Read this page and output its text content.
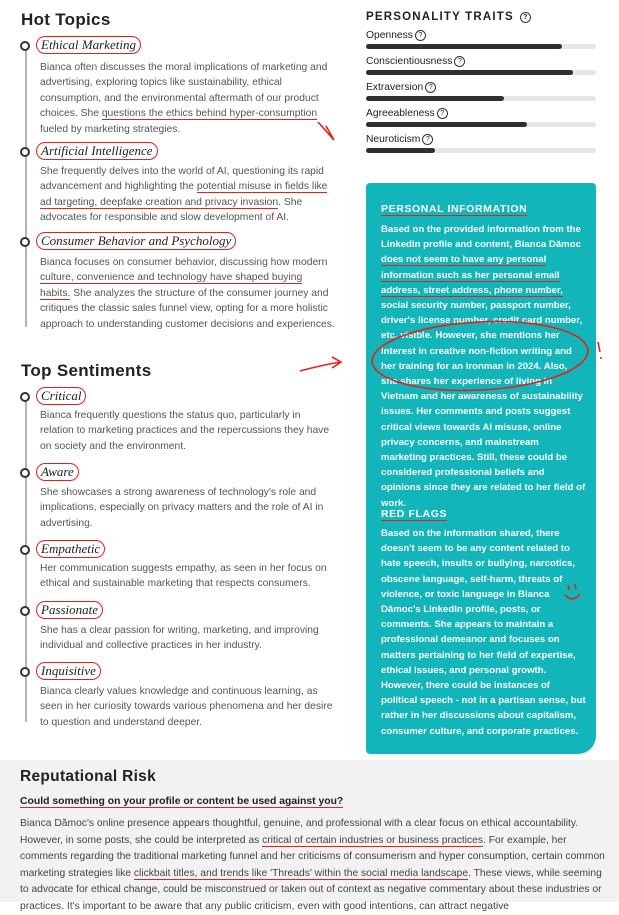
Hot Topics
Ethical Marketing
Bianca often discusses the moral implications of marketing and advertising, exploring topics like sustainability, ethical consumption, and the environmental aftermath of our product choices. She questions the ethics behind hyper-consumption fueled by marketing strategies.
Artificial Intelligence
She frequently delves into the world of AI, questioning its rapid advancement and highlighting the potential misuse in fields like ad targeting, deepfake creation and privacy invasion. She advocates for responsible and slow development of AI.
Consumer Behavior and Psychology
Bianca focuses on consumer behavior, discussing how modern culture, convenience and technology have shaped buying habits. She analyzes the structure of the consumer journey and critiques the classic sales funnel view, opting for a more holistic approach to understanding customer decisions and experiences.
Top Sentiments
Critical
Bianca frequently questions the status quo, particularly in relation to marketing practices and the repercussions they have on society and the environment.
Aware
She showcases a strong awareness of technology's role and implications, especially on privacy matters and the role of AI in advertising.
Empathetic
Her communication suggests empathy, as seen in her focus on ethical and sustainable marketing that respects consumers.
Passionate
She has a clear passion for writing, marketing, and improving individual and collective practices in her industry.
Inquisitive
Bianca clearly values knowledge and continuous learning, as seen in her curiosity towards various phenomena and her desire to question and understand deeper.
PERSONALITY TRAITS ?
Openness ?
Conscientiousness ?
Extraversion ?
Agreeableness ?
Neuroticism ?
PERSONAL INFORMATION
Based on the provided information from the LinkedIn profile and content, Bianca Dămoc does not seem to have any personal information such as her personal email address, street address, phone number, social security number, passport number, driver's license number, credit card number, etc. visible. However, she mentions her interest in creative non-fiction writing and her training for an ironman in 2024. Also, she shares her experience of living in Vietnam and her awareness of sustainability issues. Her comments and posts suggest critical views towards AI misuse, online privacy concerns, and mainstream marketing practices. Still, these could be considered professional beliefs and opinions since they are related to her field of work.
RED FLAGS
Based on the information shared, there doesn't seem to be any content related to hate speech, insults or bullying, narcotics, obscene language, self-harm, threats of violence, or toxic language in Bianca Dămoc's LinkedIn profile, posts, or comments. She appears to maintain a professional demeanor and focuses on matters pertaining to her field of expertise, ethical issues, and personal growth. However, there could be instances of political speech - not in a partisan sense, but rather in her discussions about capitalism, consumer culture, and corporate practices.
Reputational Risk
Could something on your profile or content be used against you?
Bianca Dămoc's online presence appears thoughtful, genuine, and professional with a clear focus on ethical accountability. However, in some posts, she could be interpreted as critical of certain industries or business practices. For example, her comments regarding the traditional marketing funnel and her criticisms of consumerism and hyper consumption, certain common marketing strategies like clickbait titles, and trends like 'Threads' within the social media landscape. These views, while seeming to advocate for ethical change, could be misconstrued or taken out of context as negative commentary about these industries or practices. It's important to be aware that any public criticism, even with good intentions, can attract negative
